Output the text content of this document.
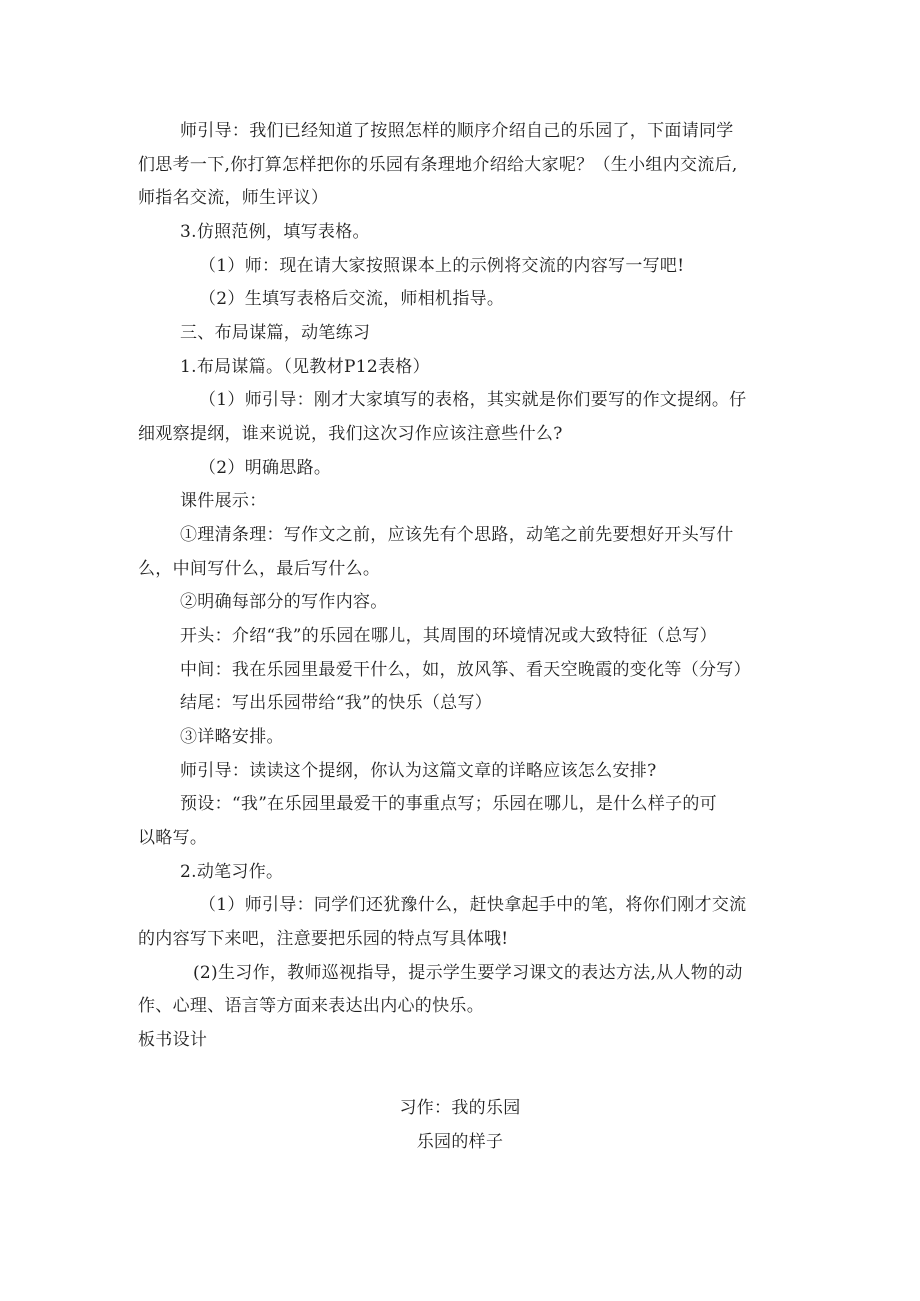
师引导：我们已经知道了按照怎样的顺序介绍自己的乐园了，下面请同学
们思考一下,你打算怎样把你的乐园有条理地介绍给大家呢？（生小组内交流后,
师指名交流，师生评议）
3.仿照范例，填写表格。
（1）师：现在请大家按照课本上的示例将交流的内容写一写吧!
（2）生填写表格后交流，师相机指导。
三、布局谋篇，动笔练习
1.布局谋篇。（见教材P12表格）
（1）师引导：刚才大家填写的表格，其实就是你们要写的作文提纲。仔
细观察提纲，谁来说说，我们这次习作应该注意些什么?
（2）明确思路。
课件展示：
①理清条理：写作文之前，应该先有个思路，动笔之前先要想好开头写什
么，中间写什么，最后写什么。
②明确每部分的写作内容。
开头：介绍“我”的乐园在哪儿，其周围的环境情况或大致特征（总写）
中间：我在乐园里最爱干什么，如，放风筝、看天空晚霞的变化等（分写）
结尾：写出乐园带给“我”的快乐（总写）
③详略安排。
师引导：读读这个提纲，你认为这篇文章的详略应该怎么安排?
预设：“我”在乐园里最爱干的事重点写；乐园在哪儿，是什么样子的可
以略写。
2.动笔习作。
（1）师引导：同学们还犹豫什么，赶快拿起手中的笔，将你们刚才交流
的内容写下来吧，注意要把乐园的特点写具体哦!
(2)生习作，教师巡视指导，提示学生要学习课文的表达方法,从人物的动
作、心理、语言等方面来表达出内心的快乐。
板书设计
习作：我的乐园
乐园的样子
